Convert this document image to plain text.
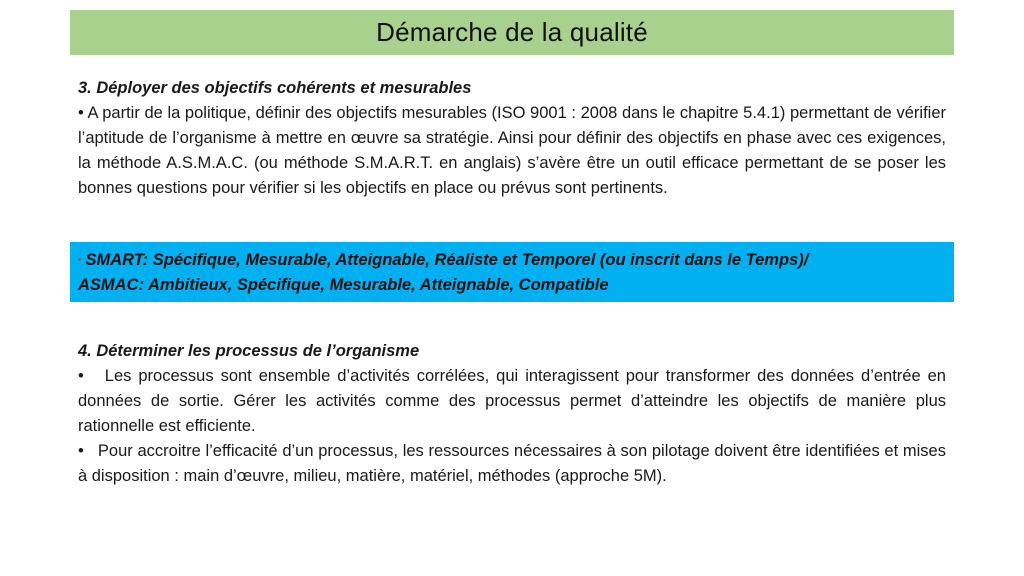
Démarche de la qualité

3. Déployer des objectifs cohérents et mesurables

• A partir de la politique, définir des objectifs mesurables (ISO 9001 : 2008 dans le chapitre 5.4.1) permettant de vérifier l’aptitude de l’organisme à mettre en œuvre sa stratégie. Ainsi pour définir des objectifs en phase avec ces exigences, la méthode A.S.M.A.C. (ou méthode S.M.A.R.T. en anglais) s’avère être un outil efficace permettant de se poser les bonnes questions pour vérifier si les objectifs en place ou prévus sont pertinents.

• SMART: Spécifique, Mesurable, Atteignable, Réaliste et Temporel (ou inscrit dans le Temps)/
ASMAC: Ambitieux, Spécifique, Mesurable, Atteignable, Compatible

4. Déterminer les processus de l’organisme

• Les processus sont ensemble d’activités corrélées, qui interagissent pour transformer des données d’entrée en données de sortie. Gérer les activités comme des processus permet d’atteindre les objectifs de manière plus rationnelle est efficiente.

• Pour accroitre l’efficacité d’un processus, les ressources nécessaires à son pilotage doivent être identifiées et mises à disposition : main d’œuvre, milieu, matière, matériel, méthodes (approche 5M).
